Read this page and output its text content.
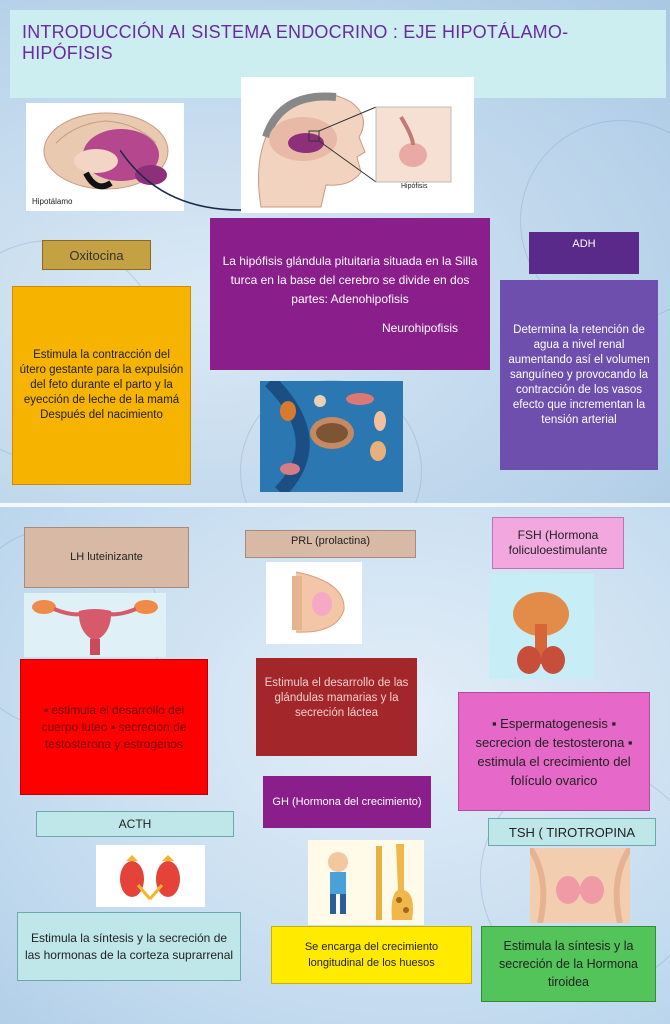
INTRODUCCIÓN AI SISTEMA ENDOCRINO : EJE HIPOTÁLAMO- HIPÓFISIS
Hipotálamo
Hipófisis
Oxitocina
Estimula la contracción del útero gestante para la expulsión del feto durante el parto y la eyección de leche de la mamá Después del nacimiento
La hipófisis glándula pituitaria situada en la Silla turca en la base del cerebro se divide en dos partes: Adenohipofisis
Neurohipofisis
ADH
Determina la retención de agua a nivel renal aumentando así el volumen sanguíneo y provocando la contracción de los vasos efecto que incrementan la tensión arterial
LH luteinizante
▪ estimula el desarrollo del cuerpo luteo ▪ secrecion de testosterona y estrogenos
PRL (prolactina)
Estimula el desarrollo de las glándulas mamarias y la secreción láctea
FSH (Hormona foliculoestimulante
▪ Espermatogenesis ▪ secrecion de testosterona ▪ estimula el crecimiento del folículo ovarico
GH (Hormona del crecimiento)
Se encarga del crecimiento longitudinal de los huesos
ACTH
Estimula la síntesis y la secreción de las hormonas de la corteza suprarrenal
TSH ( TIROTROPINA
Estimula la síntesis y la secreción de la Hormona tiroidea
